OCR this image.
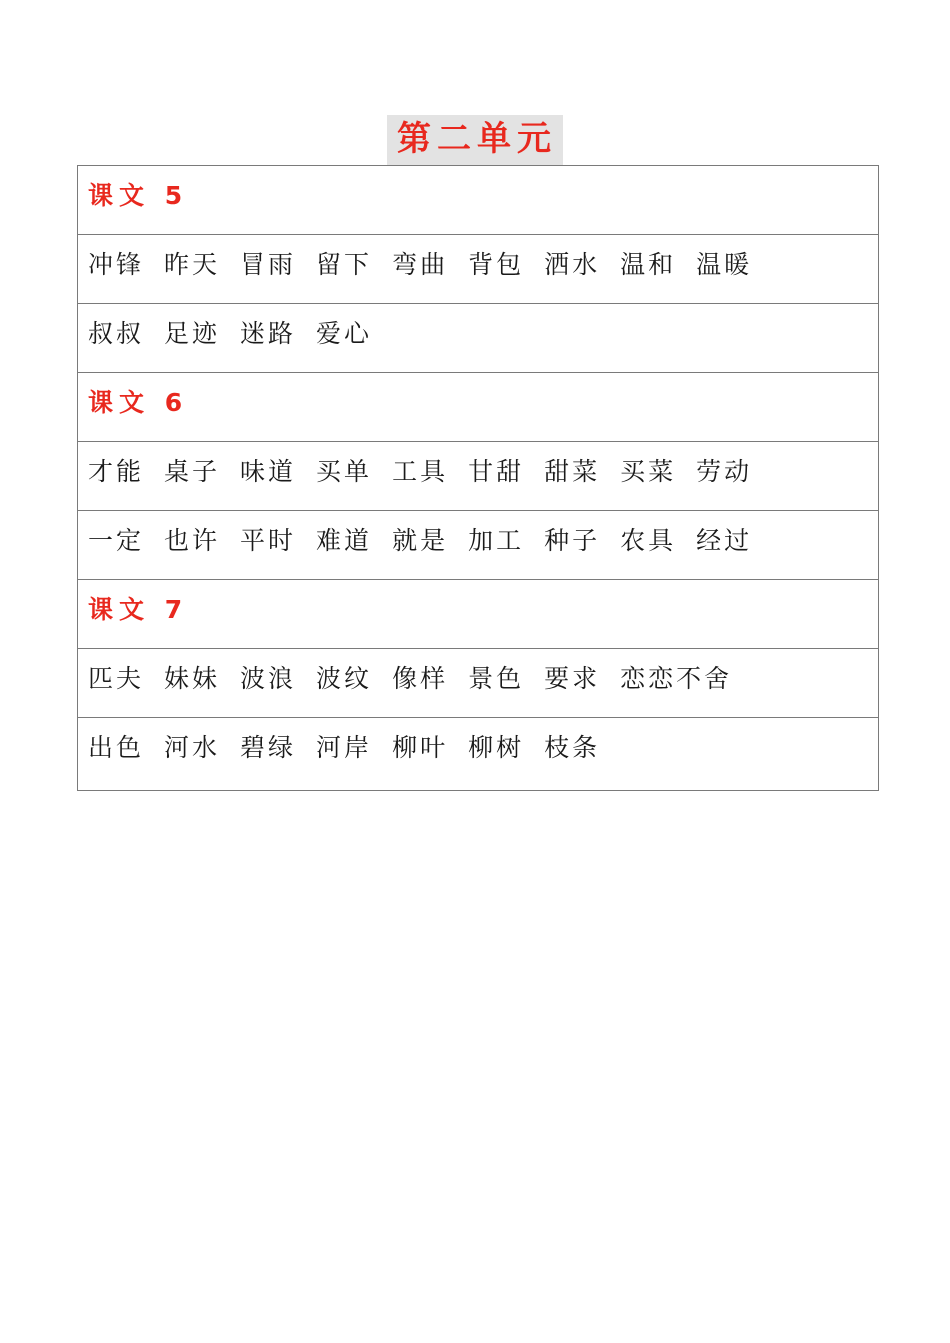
第二单元
课文 5
冲锋 昨天 冒雨 留下 弯曲 背包 洒水 温和 温暖
叔叔 足迹 迷路 爱心
课文 6
才能 桌子 味道 买单 工具 甘甜 甜菜 买菜 劳动
一定 也许 平时 难道 就是 加工 种子 农具 经过
课文 7
匹夫 妹妹 波浪 波纹 像样 景色 要求 恋恋不舍
出色 河水 碧绿 河岸 柳叶 柳树 枝条
